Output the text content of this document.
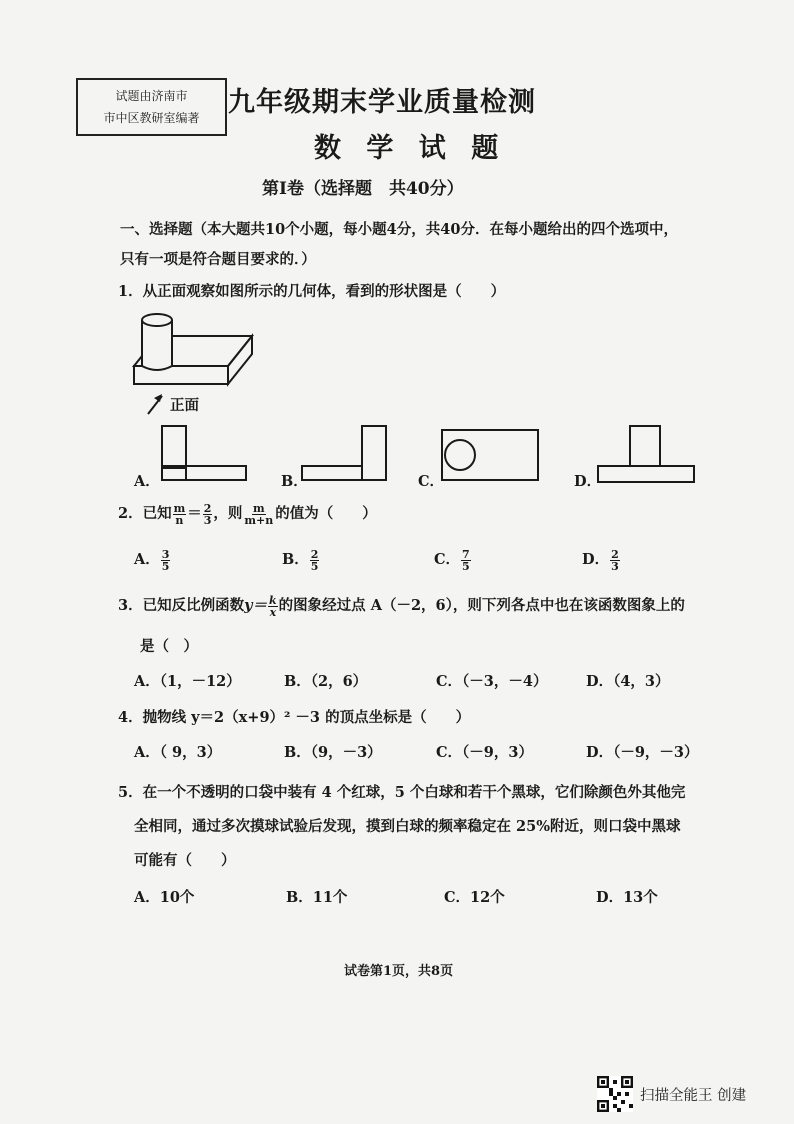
试题由济南市
市中区教研室编著	九年级期末学业质量检测
数 学 试 题
第Ⅰ卷（选择题　共40分）
一、选择题（本大题共10个小题，每小题4分，共40分．在每小题给出的四个选项中，
只有一项是符合题目要求的．）
1．从正面观察如图所示的几何体，看到的形状图是（　　）
正面
A．	B．	C．	D．
2．已知 $\frac{m}{n} = \frac{2}{3}$ ，则 $\frac{m}{m+n}$ 的值为（　　）
A． $\frac{3}{5}$	B． $\frac{2}{5}$	C． $\frac{7}{5}$	D． $\frac{2}{3}$
3．已知反比例函数$y= \frac{k}{x}$ 的图象经过点 A（－2，6），则下列各点中也在该函数图象上的
是（　）
A．（1，－12）	B．（2，6）	C．（－3，－4）	D．（4，3）
4．抛物线 y＝2（x+9）² －3 的顶点坐标是（　　）
A．（ 9，3）	B．（9，－3）	C．（－9，3）	D．（－9，－3）
5．在一个不透明的口袋中装有 4 个红球，5 个白球和若干个黑球，它们除颜色外其他完
全相同，通过多次摸球试验后发现，摸到白球的频率稳定在 25%附近，则口袋中黑球
可能有（　　）
A．10个	B．11个	C．12个	D．13个
试卷第1页，共8页
扫描全能王 创建
